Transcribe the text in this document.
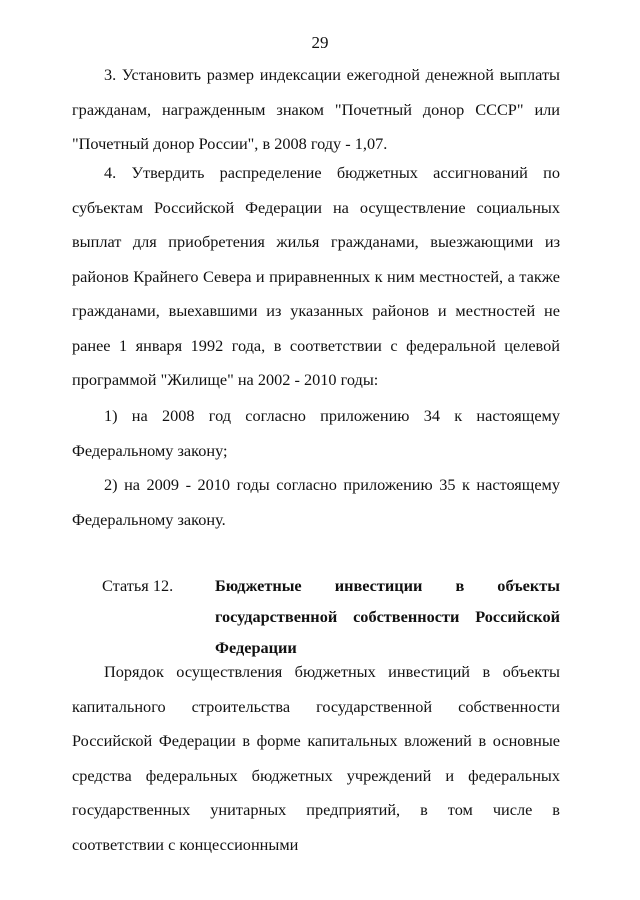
29

3. Установить размер индексации ежегодной денежной выплаты гражданам, награжденным знаком "Почетный донор СССР" или "Почетный донор России", в 2008 году - 1,07.

4. Утвердить распределение бюджетных ассигнований по субъектам Российской Федерации на осуществление социальных выплат для приобретения жилья гражданами, выезжающими из районов Крайнего Севера и приравненных к ним местностей, а также гражданами, выехавшими из указанных районов и местностей не ранее 1 января 1992 года, в соответствии с федеральной целевой программой "Жилище" на 2002 - 2010 годы:

1) на 2008 год согласно приложению 34 к настоящему Федеральному закону;

2) на 2009 - 2010 годы согласно приложению 35 к настоящему Федеральному закону.

Статья 12.	Бюджетные инвестиции в объекты государственной собственности Российской Федерации

Порядок осуществления бюджетных инвестиций в объекты капитального строительства государственной собственности Российской Федерации в форме капитальных вложений в основные средства федеральных бюджетных учреждений и федеральных государственных унитарных предприятий, в том числе в соответствии с концессионными
